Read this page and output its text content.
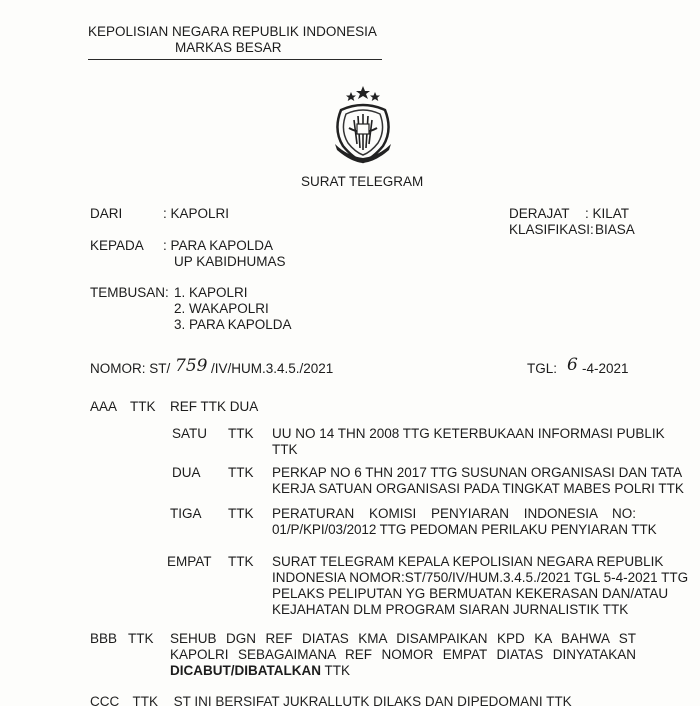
KEPOLISIAN NEGARA REPUBLIK INDONESIA
MARKAS BESAR
SURAT TELEGRAM
DARI	: KAPOLRI	DERAJAT : KILAT
KLASIFIKASI: BIASA
KEPADA : PARA KAPOLDA
UP KABIDHUMAS
TEMBUSAN: 1. KAPOLRI
2. WAKAPOLRI
3. PARA KAPOLDA
NOMOR: ST/ 759 /IV/HUM.3.4.5./2021	TGL: 6 -4-2021
AAA TTK REF TTK DUA
SATU TTK UU NO 14 THN 2008 TTG KETERBUKAAN INFORMASI PUBLIK
TTK
DUA TTK PERKAP NO 6 THN 2017 TTG SUSUNAN ORGANISASI DAN TATA
KERJA SATUAN ORGANISASI PADA TINGKAT MABES POLRI TTK
TIGA TTK PERATURAN KOMISI PENYIARAN INDONESIA NO:
01/P/KPI/03/2012 TTG PEDOMAN PERILAKU PENYIARAN TTK
EMPAT TTK SURAT TELEGRAM KEPALA KEPOLISIAN NEGARA REPUBLIK
INDONESIA NOMOR:ST/750/IV/HUM.3.4.5./2021 TGL 5-4-2021 TTG
PELAKS PELIPUTAN YG BERMUATAN KEKERASAN DAN/ATAU
KEJAHATAN DLM PROGRAM SIARAN JURNALISTIK TTK
BBB TTK SEHUB DGN REF DIATAS KMA DISAMPAIKAN KPD KA BAHWA ST
KAPOLRI SEBAGAIMANA REF NOMOR EMPAT DIATAS DINYATAKAN
DICABUT/DIBATALKAN TTK
CCC TTK ST INI BERSIFAT JUKRALLUTK DILAKS DAN DIPEDOMANI TTK
